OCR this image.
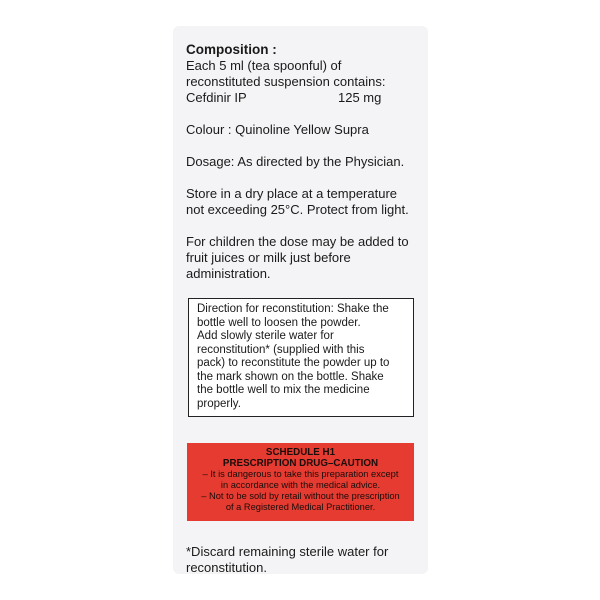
Composition :

Each 5 ml (tea spoonful) of

reconstituted suspension contains:

Cefdinir IP	125 mg

Colour : Quinoline Yellow Supra

Dosage: As directed by the Physician.

Store in a dry place at a temperature

not exceeding 25°C. Protect from light.

For children the dose may be added to

fruit juices or milk just before

administration.

Direction for reconstitution: Shake the

bottle well to loosen the powder.

Add slowly sterile water for

reconstitution* (supplied with this

pack) to reconstitute the powder up to

the mark shown on the bottle. Shake

the bottle well to mix the medicine

properly.

SCHEDULE H1

PRESCRIPTION DRUG–CAUTION

– It is dangerous to take this preparation except

in accordance with the medical advice.

– Not to be sold by retail without the prescription

of a Registered Medical Practitioner.

*Discard remaining sterile water for

reconstitution.
